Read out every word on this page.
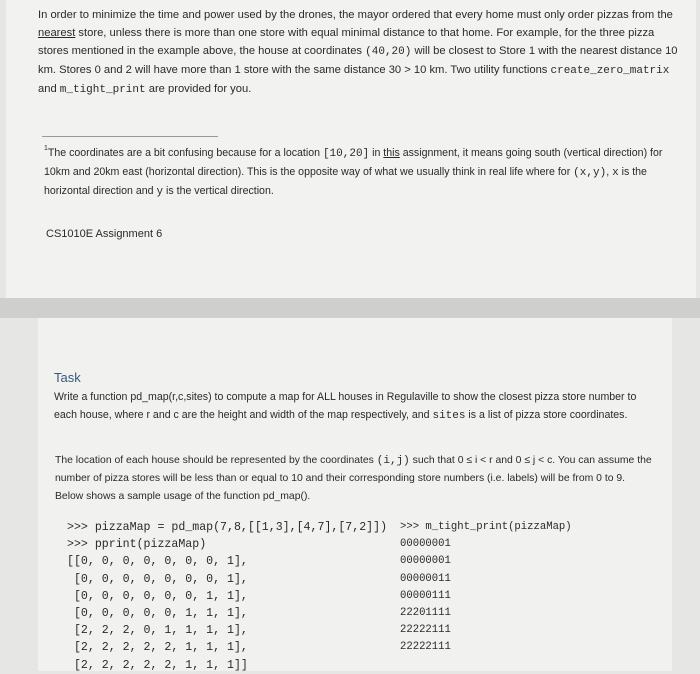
In order to minimize the time and power used by the drones, the mayor ordered that every home must only order pizzas from the nearest store, unless there is more than one store with equal minimal distance to that home. For example, for the three pizza stores mentioned in the example above, the house at coordinates (40,20) will be closest to Store 1 with the nearest distance 10 km. Stores 0 and 2 will have more than 1 store with the same distance 30 > 10 km. Two utility functions create_zero_matrix and m_tight_print are provided for you.

$^1$The coordinates are a bit confusing because for a location [10,20] in this assignment, it means going south (vertical direction) for 10km and 20km east (horizontal direction). This is the opposite way of what we usually think in real life where for (x,y), x is the horizontal direction and y is the vertical direction.

CS1010E Assignment 6
Task

Write a function pd_map(r,c,sites) to compute a map for ALL houses in Regulaville to show the closest pizza store number to each house, where r and c are the height and width of the map respectively, and sites is a list of pizza store coordinates.

The location of each house should be represented by the coordinates (i,j) such that 0 ≤ i < r and 0 ≤ j < c. You can assume the number of pizza stores will be less than or equal to 10 and their corresponding store numbers (i.e. labels) will be from 0 to 9. Below shows a sample usage of the function pd_map().

>>> pizzaMap = pd_map(7,8,[[1,3],[4,7],[7,2]])
>>> pprint(pizzaMap)
[[0, 0, 0, 0, 0, 0, 0, 1],
[0, 0, 0, 0, 0, 0, 0, 1],
[0, 0, 0, 0, 0, 0, 1, 1],
[0, 0, 0, 0, 0, 1, 1, 1],
[2, 2, 2, 0, 1, 1, 1, 1],
[2, 2, 2, 2, 2, 1, 1, 1],
[2, 2, 2, 2, 2, 1, 1, 1]]
>>> m_tight_print(pizzaMap)
00000001
00000001
00000011
00000111
22201111
22222111
22222111
